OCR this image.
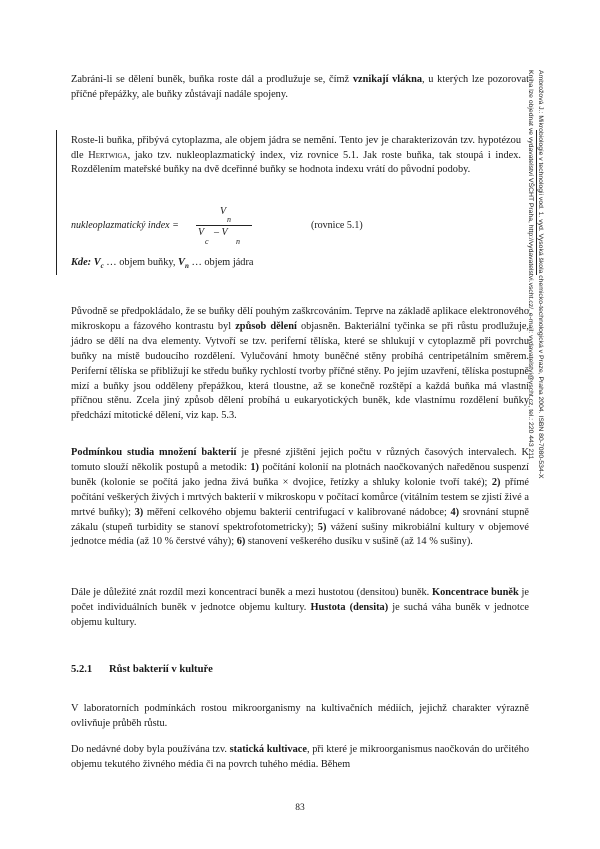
Zabráni-li se dělení buněk, buňka roste dál a prodlužuje se, čímž vznikají vlákna, u kterých lze pozorovat příčné přepážky, ale buňky zůstávají nadále spojeny.

Roste-li buňka, přibývá cytoplazma, ale objem jádra se nemění. Tento jev je charakterizován tzv. hypotézou dle Hertwiga, jako tzv. nukleoplazmatický index, viz rovnice 5.1. Jak roste buňka, tak stoupá i index. Rozdělením mateřské buňky na dvě dceřinné buňky se hodnota indexu vrátí do původní podoby.

nukleoplazmatický index =
V
n
V
c
– V
n
(rovnice 5.1)

Kde: $V_c$ … objem buňky, $V_n$ … objem jádra

Původně se předpokládalo, že se buňky dělí pouhým zaškrcováním. Teprve na základě aplikace elektronového mikroskopu a fázového kontrastu byl způsob dělení objasněn. Bakteriální tyčinka se při růstu prodlužuje, jádro se dělí na dva elementy. Vytvoří se tzv. periferní tělíska, které se shlukují v cytoplazmě při povrchu buňky na místě budoucího rozdělení. Vylučování hmoty buněčné stěny probíhá centripetálním směrem. Periferní tělíska se přibližují ke středu buňky rychlostí tvorby příčné stěny. Po jejím uzavření, tělíska postupně mizí a buňky jsou odděleny přepážkou, která tloustne, až se konečně rozštěpí a každá buňka má vlastní příčnou stěnu. Zcela jiný způsob dělení probíhá u eukaryotických buněk, kde vlastnímu rozdělení buňky předchází mitotické dělení, viz kap. 5.3.

Podmínkou studia množení bakterií je přesné zjištění jejich počtu v různých časových intervalech. K tomuto slouží několik postupů a metodik: 1) počítání kolonií na plotnách naočkovaných naředěnou suspenzí buněk (kolonie se počítá jako jedna živá buňka × dvojice, řetízky a shluky kolonie tvoří také); 2) přímé počítání veškerých živých i mrtvých bakterií v mikroskopu v počítací komůrce (vitálním testem se zjistí živé a mrtvé buňky); 3) měření celkového objemu bakterií centrifugací v kalibrované nádobce; 4) srovnání stupně zákalu (stupeň turbidity se stanoví spektrofotometricky); 5) vážení sušiny mikrobiální kultury v objemové jednotce média (až 10 % čerstvé váhy); 6) stanovení veškerého dusíku v sušině (až 14 % sušiny).

Dále je důležité znát rozdíl mezi koncentrací buněk a mezi hustotou (densitou) buněk. Koncentrace buněk je počet individuálních buněk v jednotce objemu kultury. Hustota (densita) je suchá váha buněk v jednotce objemu kultury.

5.2.1 Růst bakterií v kultuře

V laboratorních podmínkách rostou mikroorganismy na kultivačních médiích, jejichž charakter výrazně ovlivňuje průběh růstu.

Do nedávné doby byla používána tzv. statická kultivace, při které je mikroorganismus naočkován do určitého objemu tekutého živného média či na povrch tuhého média. Během

83
Ambrožová J.: Mikrobiologie v technologii vod. 1. vyd. Vysoká škola chemicko-technologická v Praze, Praha 2004. ISBN 80-7080-534-X
Kniha lze objednat ve vydavatelství VŠCHT Praha, http://vydavatelstvi.vscht.cz/, e-mail: vydavatelstvi@vscht.cz, tel.: 220 443 211
